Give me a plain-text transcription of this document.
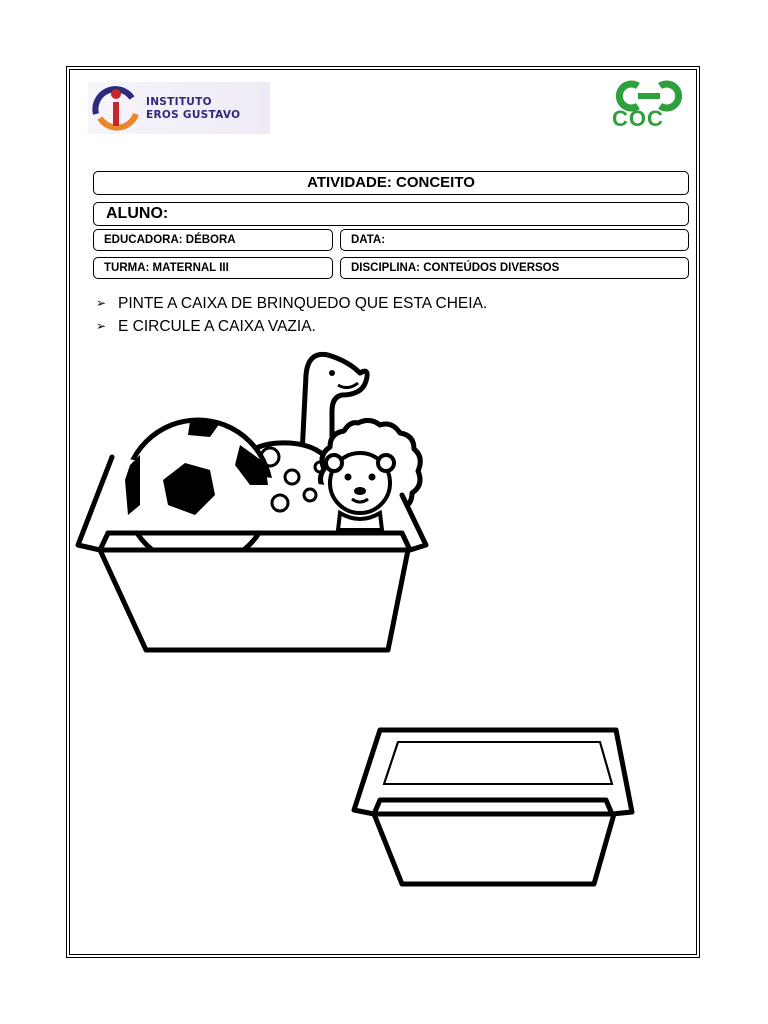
INSTITUTO
EROS GUSTAVO	COC
ATIVIDADE: CONCEITO
ALUNO:
EDUCADORA: DÉBORA	DATA:
TURMA: MATERNAL III	DISCIPLINA: CONTEÚDOS DIVERSOS
➢ PINTE A CAIXA DE BRINQUEDO QUE ESTA CHEIA.
➢ E CIRCULE A CAIXA VAZIA.
